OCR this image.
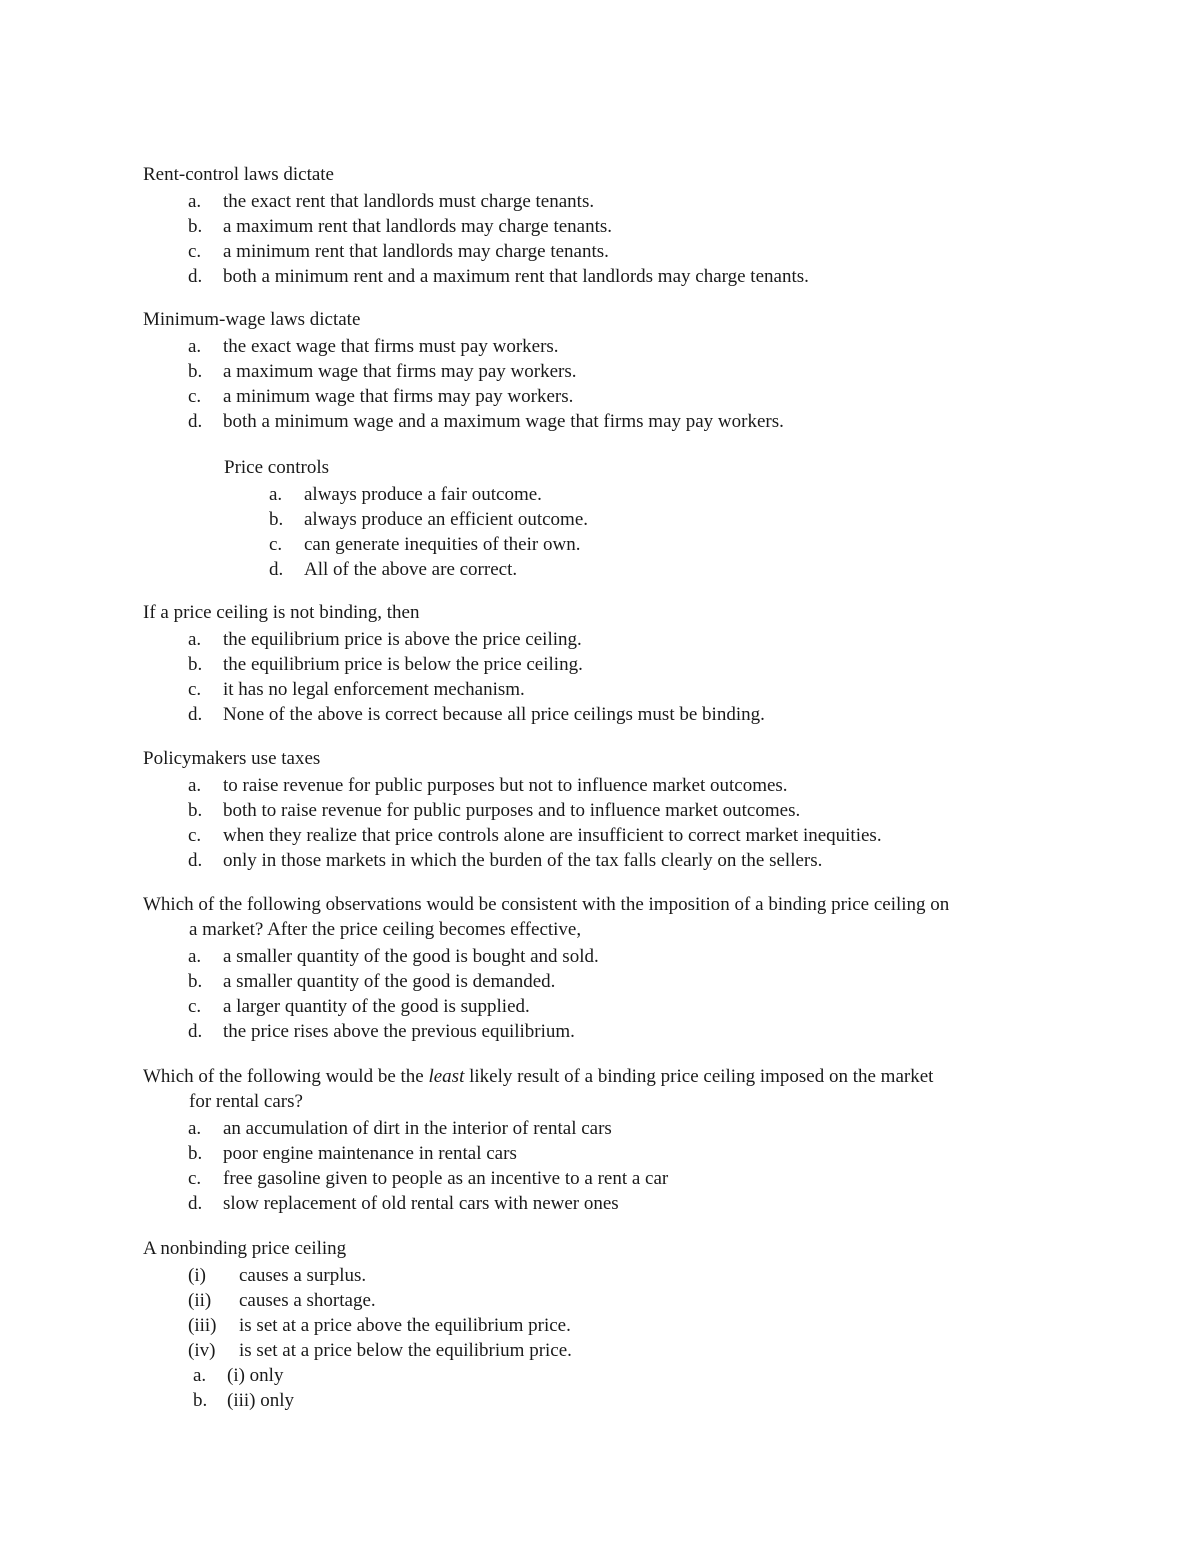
Rent-control laws dictate

a. the exact rent that landlords must charge tenants.
b. a maximum rent that landlords may charge tenants.
c. a minimum rent that landlords may charge tenants.
d. both a minimum rent and a maximum rent that landlords may charge tenants.

Minimum-wage laws dictate

a. the exact wage that firms must pay workers.
b. a maximum wage that firms may pay workers.
c. a minimum wage that firms may pay workers.
d. both a minimum wage and a maximum wage that firms may pay workers.

Price controls

a. always produce a fair outcome.
b. always produce an efficient outcome.
c. can generate inequities of their own.
d. All of the above are correct.

If a price ceiling is not binding, then

a. the equilibrium price is above the price ceiling.
b. the equilibrium price is below the price ceiling.
c. it has no legal enforcement mechanism.
d. None of the above is correct because all price ceilings must be binding.

Policymakers use taxes

a. to raise revenue for public purposes but not to influence market outcomes.
b. both to raise revenue for public purposes and to influence market outcomes.
c. when they realize that price controls alone are insufficient to correct market inequities.
d. only in those markets in which the burden of the tax falls clearly on the sellers.

Which of the following observations would be consistent with the imposition of a binding price ceiling on
a market? After the price ceiling becomes effective,

a. a smaller quantity of the good is bought and sold.
b. a smaller quantity of the good is demanded.
c. a larger quantity of the good is supplied.
d. the price rises above the previous equilibrium.

Which of the following would be the least likely result of a binding price ceiling imposed on the market
for rental cars?

a. an accumulation of dirt in the interior of rental cars
b. poor engine maintenance in rental cars
c. free gasoline given to people as an incentive to a rent a car
d. slow replacement of old rental cars with newer ones

A nonbinding price ceiling

(i) causes a surplus.
(ii) causes a shortage.
(iii) is set at a price above the equilibrium price.
(iv) is set at a price below the equilibrium price.
a. (i) only
b. (iii) only
